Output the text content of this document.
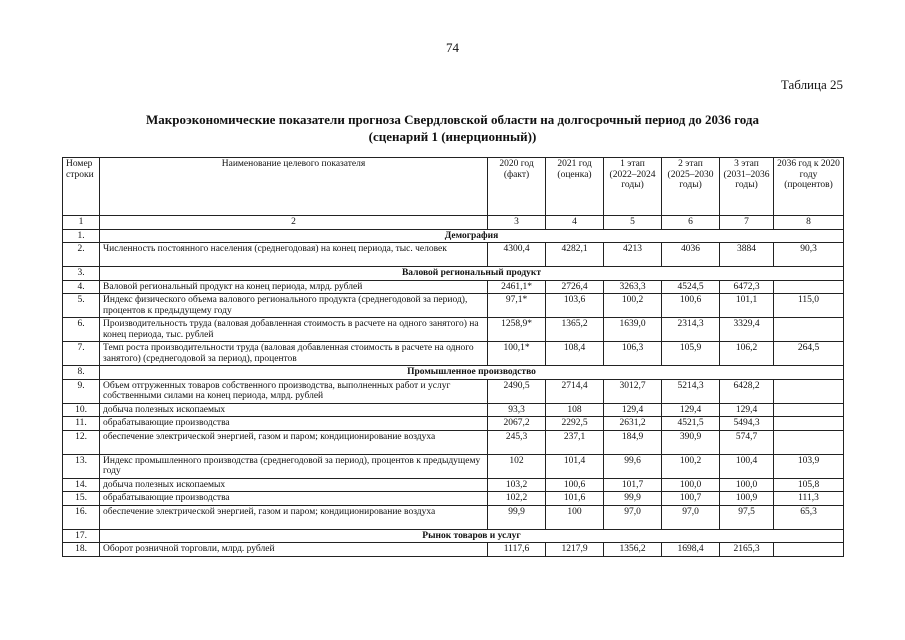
74
Таблица 25
Макроэкономические показатели прогноза Свердловской области на долгосрочный период до 2036 года
(сценарий 1 (инерционный))
Номер строки	Наименование целевого показателя	2020 год (факт)	2021 год (оценка)	1 этап (2022–2024 годы)	2 этап (2025–2030 годы)	3 этап (2031–2036 годы)	2036 год к 2020 году (процентов)
1	2	3	4	5	6	7	8
1.	Демография						
2.	Численность постоянного населения (среднегодовая) на конец периода, тыс. человек	4300,4	4282,1	4213	4036	3884	90,3
3.	Валовой региональный продукт						
4.	Валовой региональный продукт на конец периода, млрд. рублей	2461,1*	2726,4	3263,3	4524,5	6472,3	
5.	Индекс физического объема валового регионального продукта (среднегодовой за период), процентов к предыдущему году	97,1*	103,6	100,2	100,6	101,1	115,0
6.	Производительность труда (валовая добавленная стоимость в расчете на одного занятого) на конец периода, тыс. рублей	1258,9*	1365,2	1639,0	2314,3	3329,4	
7.	Темп роста производительности труда (валовая добавленная стоимость в расчете на одного занятого) (среднегодовой за период), процентов	100,1*	108,4	106,3	105,9	106,2	264,5
8.	Промышленное производство						
9.	Объем отгруженных товаров собственного производства, выполненных работ и услуг собственными силами на конец периода, млрд. рублей	2490,5	2714,4	3012,7	5214,3	6428,2	
10.	добыча полезных ископаемых	93,3	108	129,4	129,4	129,4	
11.	обрабатывающие производства	2067,2	2292,5	2631,2	4521,5	5494,3	
12.	обеспечение электрической энергией, газом и паром; кондиционирование воздуха	245,3	237,1	184,9	390,9	574,7	
13.	Индекс промышленного производства (среднегодовой за период), процентов к предыдущему году	102	101,4	99,6	100,2	100,4	103,9
14.	добыча полезных ископаемых	103,2	100,6	101,7	100,0	100,0	105,8
15.	обрабатывающие производства	102,2	101,6	99,9	100,7	100,9	111,3
16.	обеспечение электрической энергией, газом и паром; кондиционирование воздуха	99,9	100	97,0	97,0	97,5	65,3
17.	Рынок товаров и услуг						
18.	Оборот розничной торговли, млрд. рублей	1117,6	1217,9	1356,2	1698,4	2165,3	
